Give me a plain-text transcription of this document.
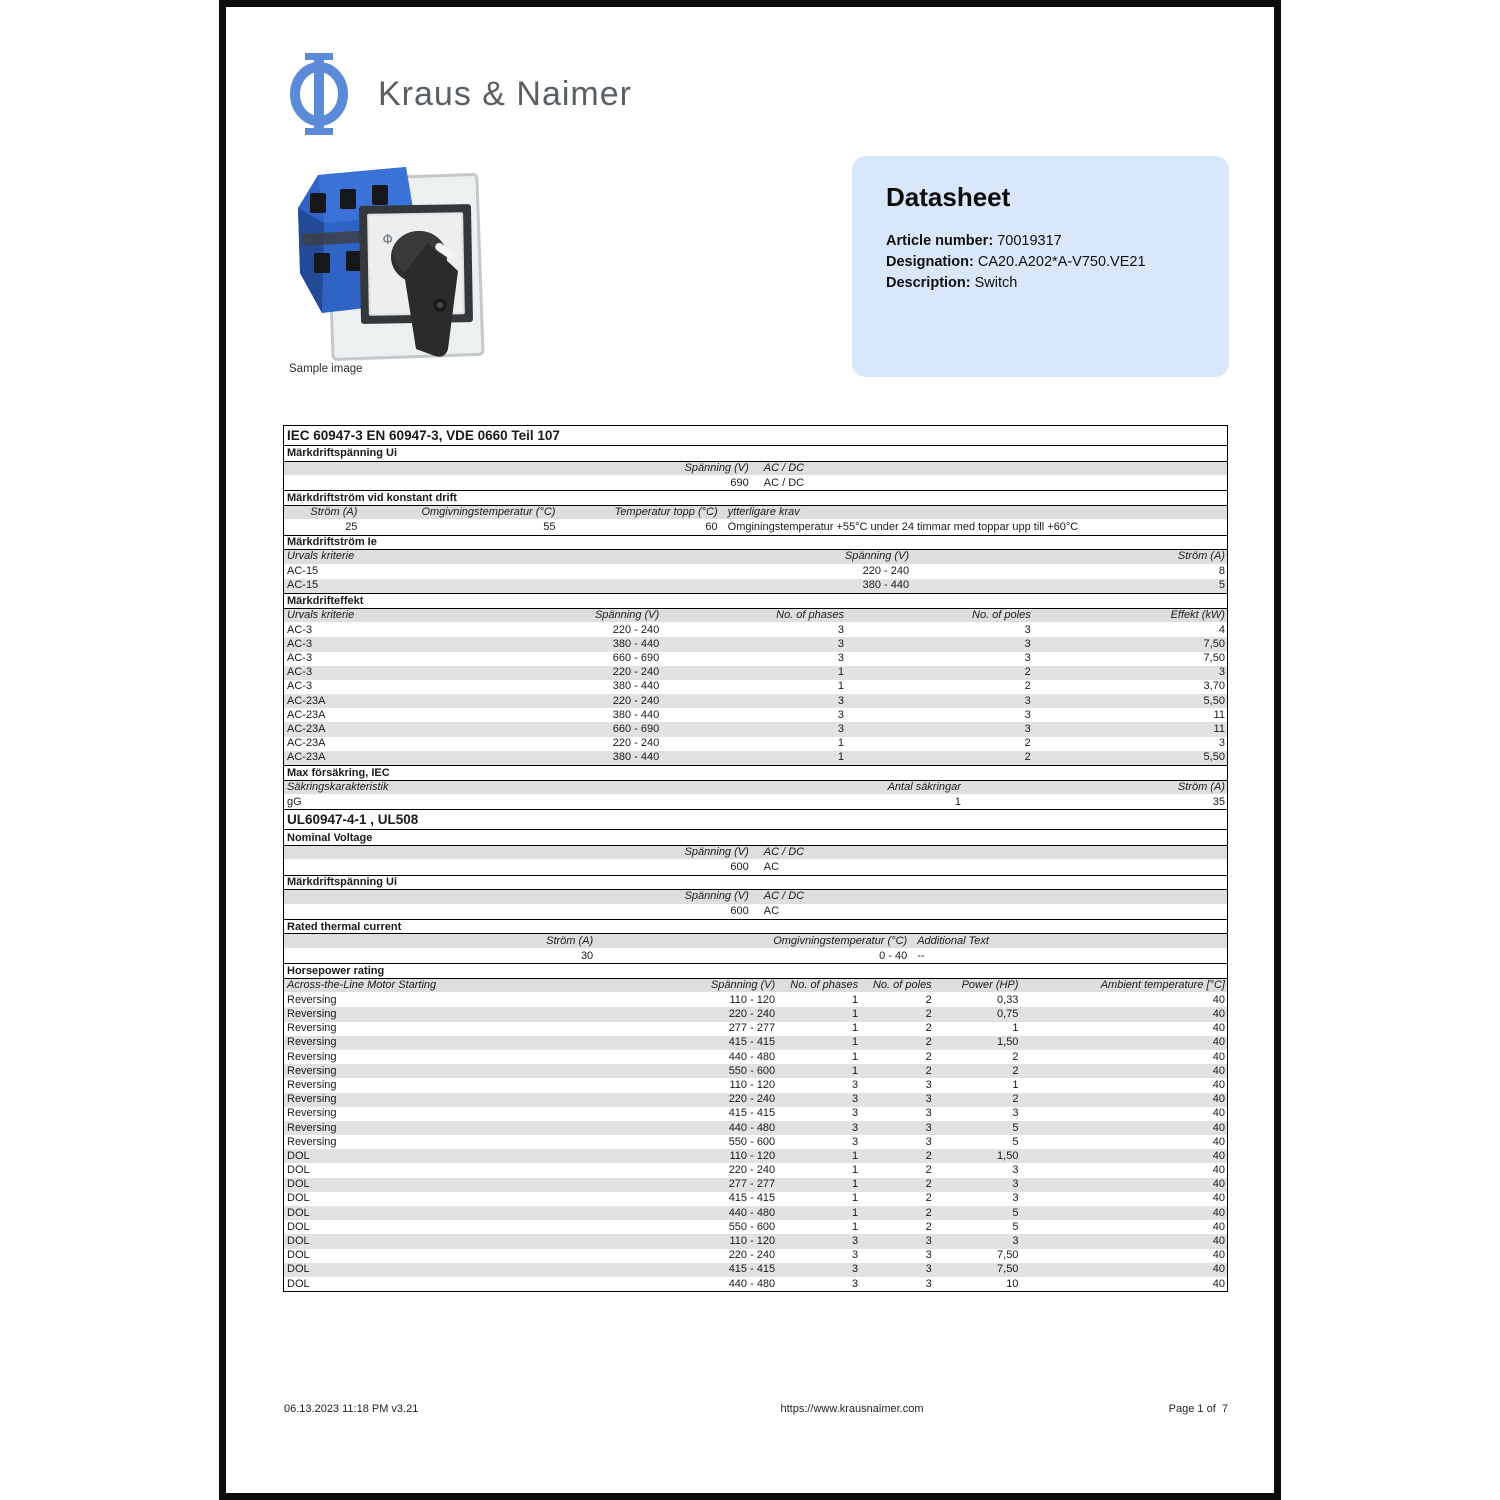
Kraus & Naimer
Φ
Sample image
Datasheet
Article number: 70019317
Designation: CA20.A202*A-V750.VE21
Description: Switch
IEC 60947-3 EN 60947-3, VDE 0660 Teil 107
Märkdriftspänning Ui
Spänning (V)	AC / DC
690	AC / DC
Märkdriftström vid konstant drift
Ström (A)	Omgivningstemperatur (°C)	Temperatur topp (°C) ytterligare krav
25	55	60 Omginingstemperatur +55°C under 24 timmar med toppar upp till +60°C
Märkdriftström Ie
Urvals kriterie	Spänning (V)	Ström (A)
AC-15	220 - 240	8
AC-15	380 - 440	5
Märkdrifteffekt
Urvals kriterie	Spänning (V)	No. of phases	No. of poles	Effekt (kW)
AC-3	220 - 240	3	3	4
AC-3	380 - 440	3	3	7,50
AC-3	660 - 690	3	3	7,50
AC-3	220 - 240	1	2	3
AC-3	380 - 440	1	2	3,70
AC-23A	220 - 240	3	3	5,50
AC-23A	380 - 440	3	3	11
AC-23A	660 - 690	3	3	11
AC-23A	220 - 240	1	2	3
AC-23A	380 - 440	1	2	5,50
Max försäkring, IEC
Säkringskarakteristik	Antal säkringar	Ström (A)
gG	1	35
UL60947-4-1 , UL508
Nominal Voltage
Spänning (V)	AC / DC
600	AC
Märkdriftspänning Ui
Spänning (V)	AC / DC
600	AC
Rated thermal current
Ström (A)	Omgivningstemperatur (°C) Additional Text
30	0 - 40 --
Horsepower rating
Across-the-Line Motor Starting	Spänning (V)	No. of phases	No. of poles	Power (HP)	Ambient temperature [°C]
Reversing	110 - 120	1	2	0,33	40
Reversing	220 - 240	1	2	0,75	40
Reversing	277 - 277	1	2	1	40
Reversing	415 - 415	1	2	1,50	40
Reversing	440 - 480	1	2	2	40
Reversing	550 - 600	1	2	2	40
Reversing	110 - 120	3	3	1	40
Reversing	220 - 240	3	3	2	40
Reversing	415 - 415	3	3	3	40
Reversing	440 - 480	3	3	5	40
Reversing	550 - 600	3	3	5	40
DOL	110 - 120	1	2	1,50	40
DOL	220 - 240	1	2	3	40
DOL	277 - 277	1	2	3	40
DOL	415 - 415	1	2	3	40
DOL	440 - 480	1	2	5	40
DOL	550 - 600	1	2	5	40
DOL	110 - 120	3	3	3	40
DOL	220 - 240	3	3	7,50	40
DOL	415 - 415	3	3	7,50	40
DOL	440 - 480	3	3	10	40
06.13.2023 11:18 PM v3.21	https://www.krausnaimer.com	Page 1 of  7
